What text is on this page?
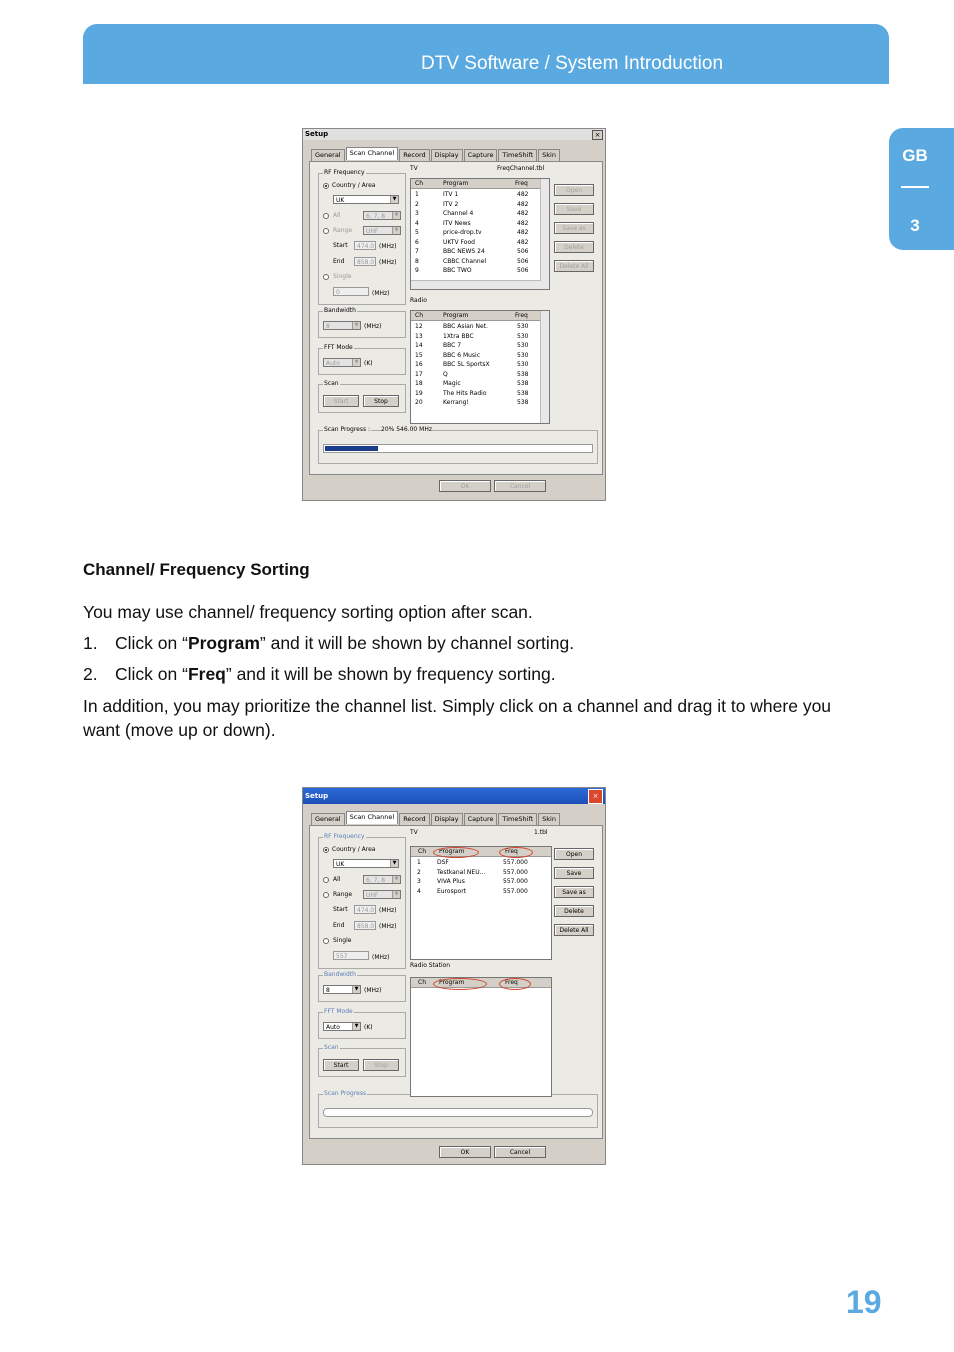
DTV Software / System Introduction
GB
3
Setup	×
General	Scan Channel	Record	Display	Capture	TimeShift	Skin
RF Frequency
Country / Area
UK	▼
All	6, 7, 8	▼
Range	UHF	▼
Start	474.0 (MHz)
End	858.0 (MHz)
Single
0	(MHz)
Bandwidth
8	▼ (MHz)
FFT Mode
Auto	▼ (K)
Scan
Start	Stop
Scan Progress : 20% 546.00 MHz
TV	FreqChannel.tbl
Ch	Program	Freq
1	ITV 1	482
2	ITV 2	482
3	Channel 4	482
4	ITV News	482
5	price-drop.tv	482
6	UKTV Food	482
7	BBC NEWS 24	506
8	CBBC Channel	506
9	BBC TWO	506
Radio
Ch	Program	Freq
12	BBC Asian Net.	530
13	1Xtra BBC	530
14	BBC 7	530
15	BBC 6 Music	530
16	BBC 5L SportsX	530
17	Q	538
18	Magic	538
19	The Hits Radio	538
20	Kerrang!	538
Open
Save
Save as
Delete
Delete All
OK	Cancel
Setup	×
General	Scan Channel	Record	Display	Capture	TimeShift	Skin
RF Frequency
Country / Area
UK	▼
All	6, 7, 8	▼
Range	UHF	▼
Start	474.0 (MHz)
End	858.0 (MHz)
Single
557	(MHz)
Bandwidth
8	▼ (MHz)
FFT Mode
Auto	▼ (K)
Scan
Start	Stop
Scan Progress
TV	1.tbl
Ch Program	Freq
1	DSF	557.000
2	Testkanal NEU...	557.000
3	VIVA Plus	557.000
4	Eurosport	557.000
Radio Station
Ch Program	Freq
Open
Save
Save as
Delete
Delete All
OK	Cancel
Channel/ Frequency Sorting
You may use channel/ frequency sorting option after scan.
1. Click on “Program” and it will be shown by channel sorting.
2. Click on “Freq” and it will be shown by frequency sorting.
In addition, you may prioritize the channel list. Simply click on a channel and drag it to where you want (move up or down).
19
